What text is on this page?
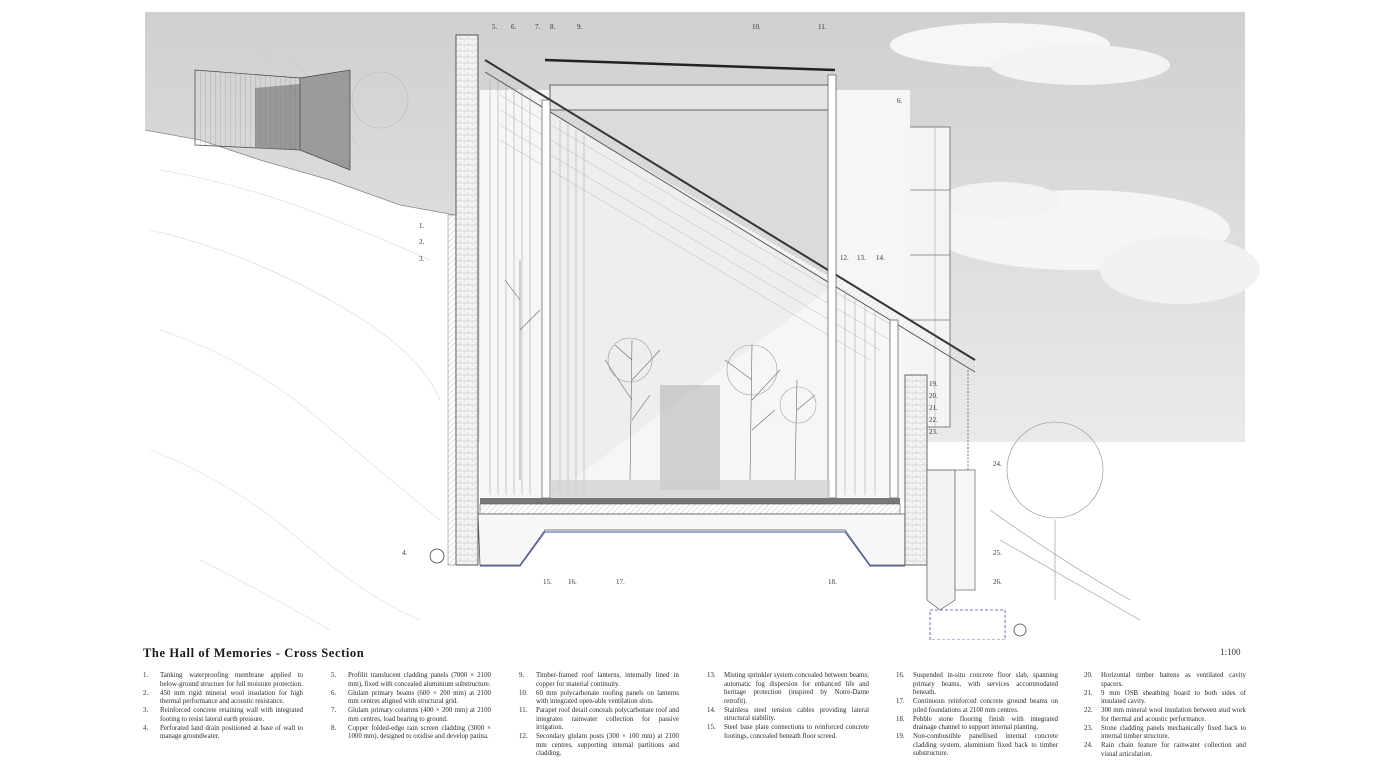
1.
2.
3.
4.
5. 6.	7. 8.	9.	10.	11.
6.
12. 13. 14.
15. 16.	17.	18.
19.
20.
21.
22.
23.
24.
25.
26.
The Hall of Memories - Cross Section	1:100
1.	Tanking waterproofing membrane applied to below-ground structure for full moisture protection.
2.	450 mm rigid mineral wool insulation for high thermal performance and acoustic resistance.
3.	Reinforced concrete retaining wall with integrated footing to resist lateral earth pressure.
4.	Perforated land drain positioned at base of wall to manage groundwater.
5.	Profilit translucent cladding panels (7000 × 2100 mm), fixed with concealed aluminium substructure.
6.	Glulam primary beams (600 × 200 mm) at 2100 mm centres aligned with structural grid.
7.	Glulam primary columns (400 × 200 mm) at 2100 mm centres, load bearing to ground.
8.	Copper folded-edge rain screen cladding (3000 × 1000 mm), designed to oxidise and develop patina.
9.	Timber-framed roof lanterns, internally lined in copper for material continuity.
10.	60 mm polycarbonate roofing panels on lanterns with integrated open-able ventilation slots.
11.	Parapet roof detail conceals polycarbonate roof and integrates rainwater collection for passive irrigation.
12.	Secondary glulam posts (300 × 100 mm) at 2100 mm centres, supporting internal partitions and cladding.
13.	Misting sprinkler system concealed between beams; automatic fog dispersion for enhanced life and heritage protection (inspired by Notre-Dame retrofit).
14.	Stainless steel tension cables providing lateral structural stability.
15.	Steel base plate connections to reinforced concrete footings, concealed beneath floor screed.
16.	Suspended in-situ concrete floor slab, spanning primary beams, with services accommodated beneath.
17.	Continuous reinforced concrete ground beams on piled foundations at 2100 mm centres.
18.	Pebble stone flooring finish with integrated drainage channel to support internal planting.
19.	Non-combustible panellised internal concrete cladding system, aluminium fixed back to timber substructure.
20.	Horizontal timber battens as ventilated cavity spacers.
21.	9 mm OSB sheathing board to both sides of insulated cavity.
22.	300 mm mineral wool insulation between stud work for thermal and acoustic performance.
23.	Stone cladding panels mechanically fixed back to internal timber structure.
24.	Rain chain feature for rainwater collection and visual articulation.
